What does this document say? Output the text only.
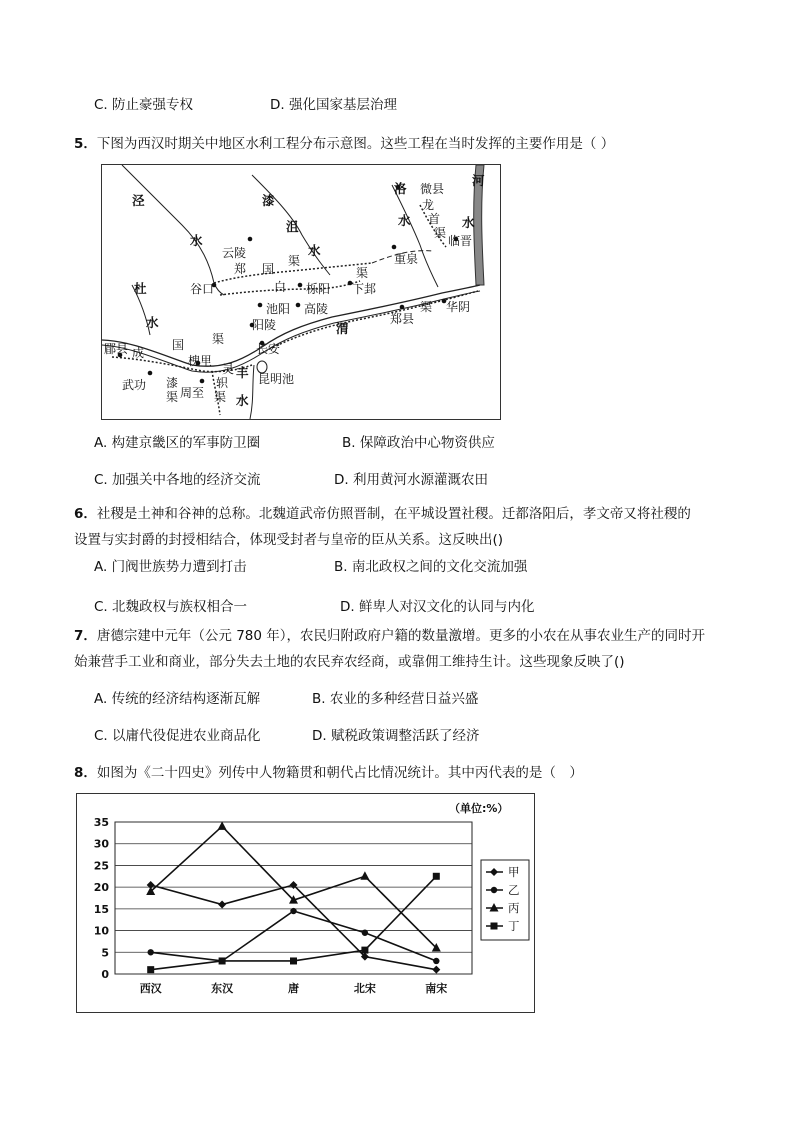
C. 防止豪强专权	D. 强化国家基层治理
5．下图为西汉时期关中地区水利工程分布示意图。这些工程在当时发挥的主要作用是（ ）
泾
水
漆
沮
水
洛
水
微县
龙
首
渠
河
水
临晋
云陵
郑 国
渠	重泉
渠
谷口	白 栎阳 下邽
杜
池阳 高陵
郑县
渠 华阴
水	阳陵	渭
郿县 成
国 渠
槐里
长安
灵 丰
武功 漆
周至
轵 昆明池
渠	渠 水
A. 构建京畿区的军事防卫圈	B. 保障政治中心物资供应
C. 加强关中各地的经济交流	D. 利用黄河水源灌溉农田
6．社稷是土神和谷神的总称。北魏道武帝仿照晋制，在平城设置社稷。迁都洛阳后，孝文帝又将社稷的
设置与实封爵的封授相结合，体现受封者与皇帝的臣从关系。这反映出()
A. 门阀世族势力遭到打击	B. 南北政权之间的文化交流加强
C. 北魏政权与族权相合一	D. 鲜卑人对汉文化的认同与内化
7．唐德宗建中元年（公元 780 年），农民归附政府户籍的数量激增。更多的小农在从事农业生产的同时开
始兼营手工业和商业，部分失去土地的农民弃农经商，或靠佣工维持生计。这些现象反映了()
A. 传统的经济结构逐渐瓦解	B. 农业的多种经营日益兴盛
C. 以庸代役促进农业商品化	D. 赋税政策调整活跃了经济
8．如图为《二十四史》列传中人物籍贯和朝代占比情况统计。其中丙代表的是（　）
（单位:%）
0
5
10
15
20
25
30
35
西汉	东汉	唐	北宋	南宋
甲
乙
丙
丁
